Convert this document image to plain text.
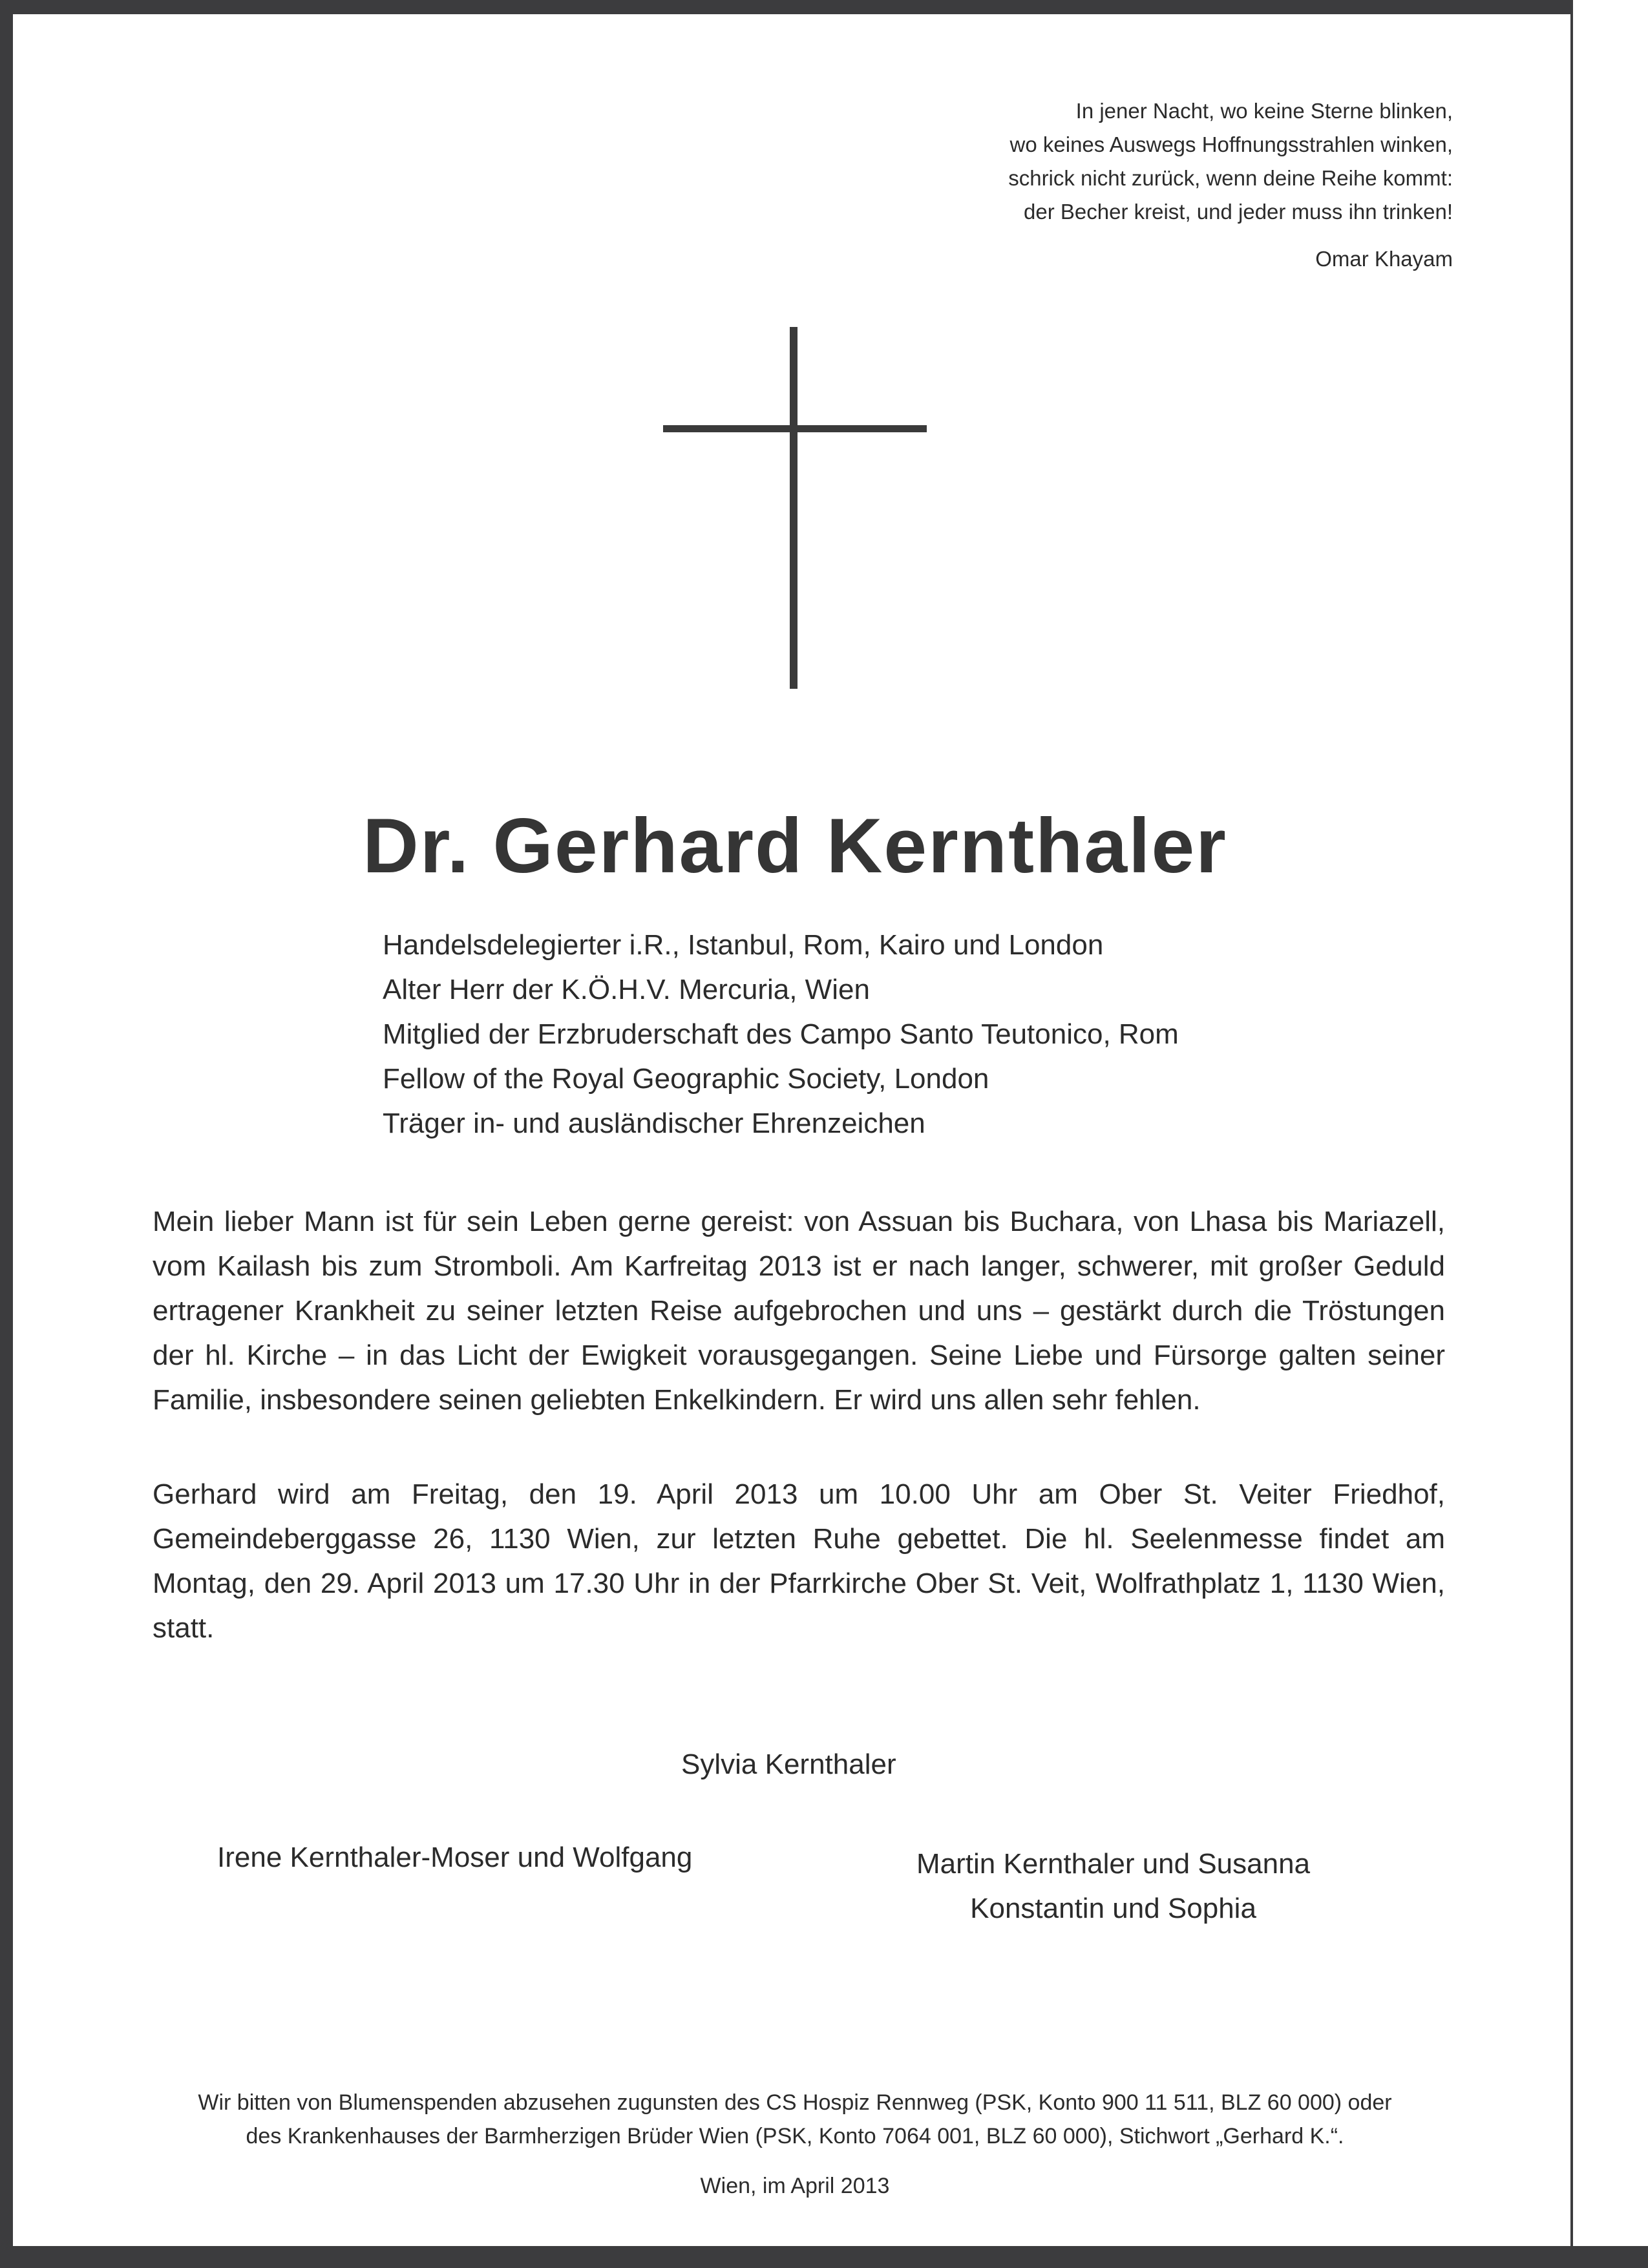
In jener Nacht, wo keine Sterne blinken,
wo keines Auswegs Hoffnungsstrahlen winken,
schrick nicht zurück, wenn deine Reihe kommt:
der Becher kreist, und jeder muss ihn trinken!
Omar Khayam
Dr. Gerhard Kernthaler
Handelsdelegierter i.R., Istanbul, Rom, Kairo und London
Alter Herr der K.Ö.H.V. Mercuria, Wien
Mitglied der Erzbruderschaft des Campo Santo Teutonico, Rom
Fellow of the Royal Geographic Society, London
Träger in- und ausländischer Ehrenzeichen

Mein lieber Mann ist für sein Leben gerne gereist: von Assuan bis Buchara, von Lhasa bis Mariazell, vom Kailash bis zum Stromboli. Am Karfreitag 2013 ist er nach langer, schwerer, mit großer Geduld ertragener Krankheit zu seiner letzten Reise aufgebrochen und uns – gestärkt durch die Tröstungen der hl. Kirche – in das Licht der Ewigkeit vorausgegangen. Seine Liebe und Fürsorge galten seiner Familie, insbesondere seinen geliebten Enkelkindern. Er wird uns allen sehr fehlen.

Gerhard wird am Freitag, den 19. April 2013 um 10.00 Uhr am Ober St. Veiter Friedhof, Gemeindeberggasse 26, 1130 Wien, zur letzten Ruhe gebettet. Die hl. Seelenmesse findet am Montag, den 29. April 2013 um 17.30 Uhr in der Pfarrkirche Ober St. Veit, Wolfrathplatz 1, 1130 Wien, statt.

Sylvia Kernthaler
Irene Kernthaler-Moser und Wolfgang	Martin Kernthaler und Susanna
Konstantin und Sophia
Wir bitten von Blumenspenden abzusehen zugunsten des CS Hospiz Rennweg (PSK, Konto 900 11 511, BLZ 60 000) oder
des Krankenhauses der Barmherzigen Brüder Wien (PSK, Konto 7064 001, BLZ 60 000), Stichwort „Gerhard K.“.
Wien, im April 2013
